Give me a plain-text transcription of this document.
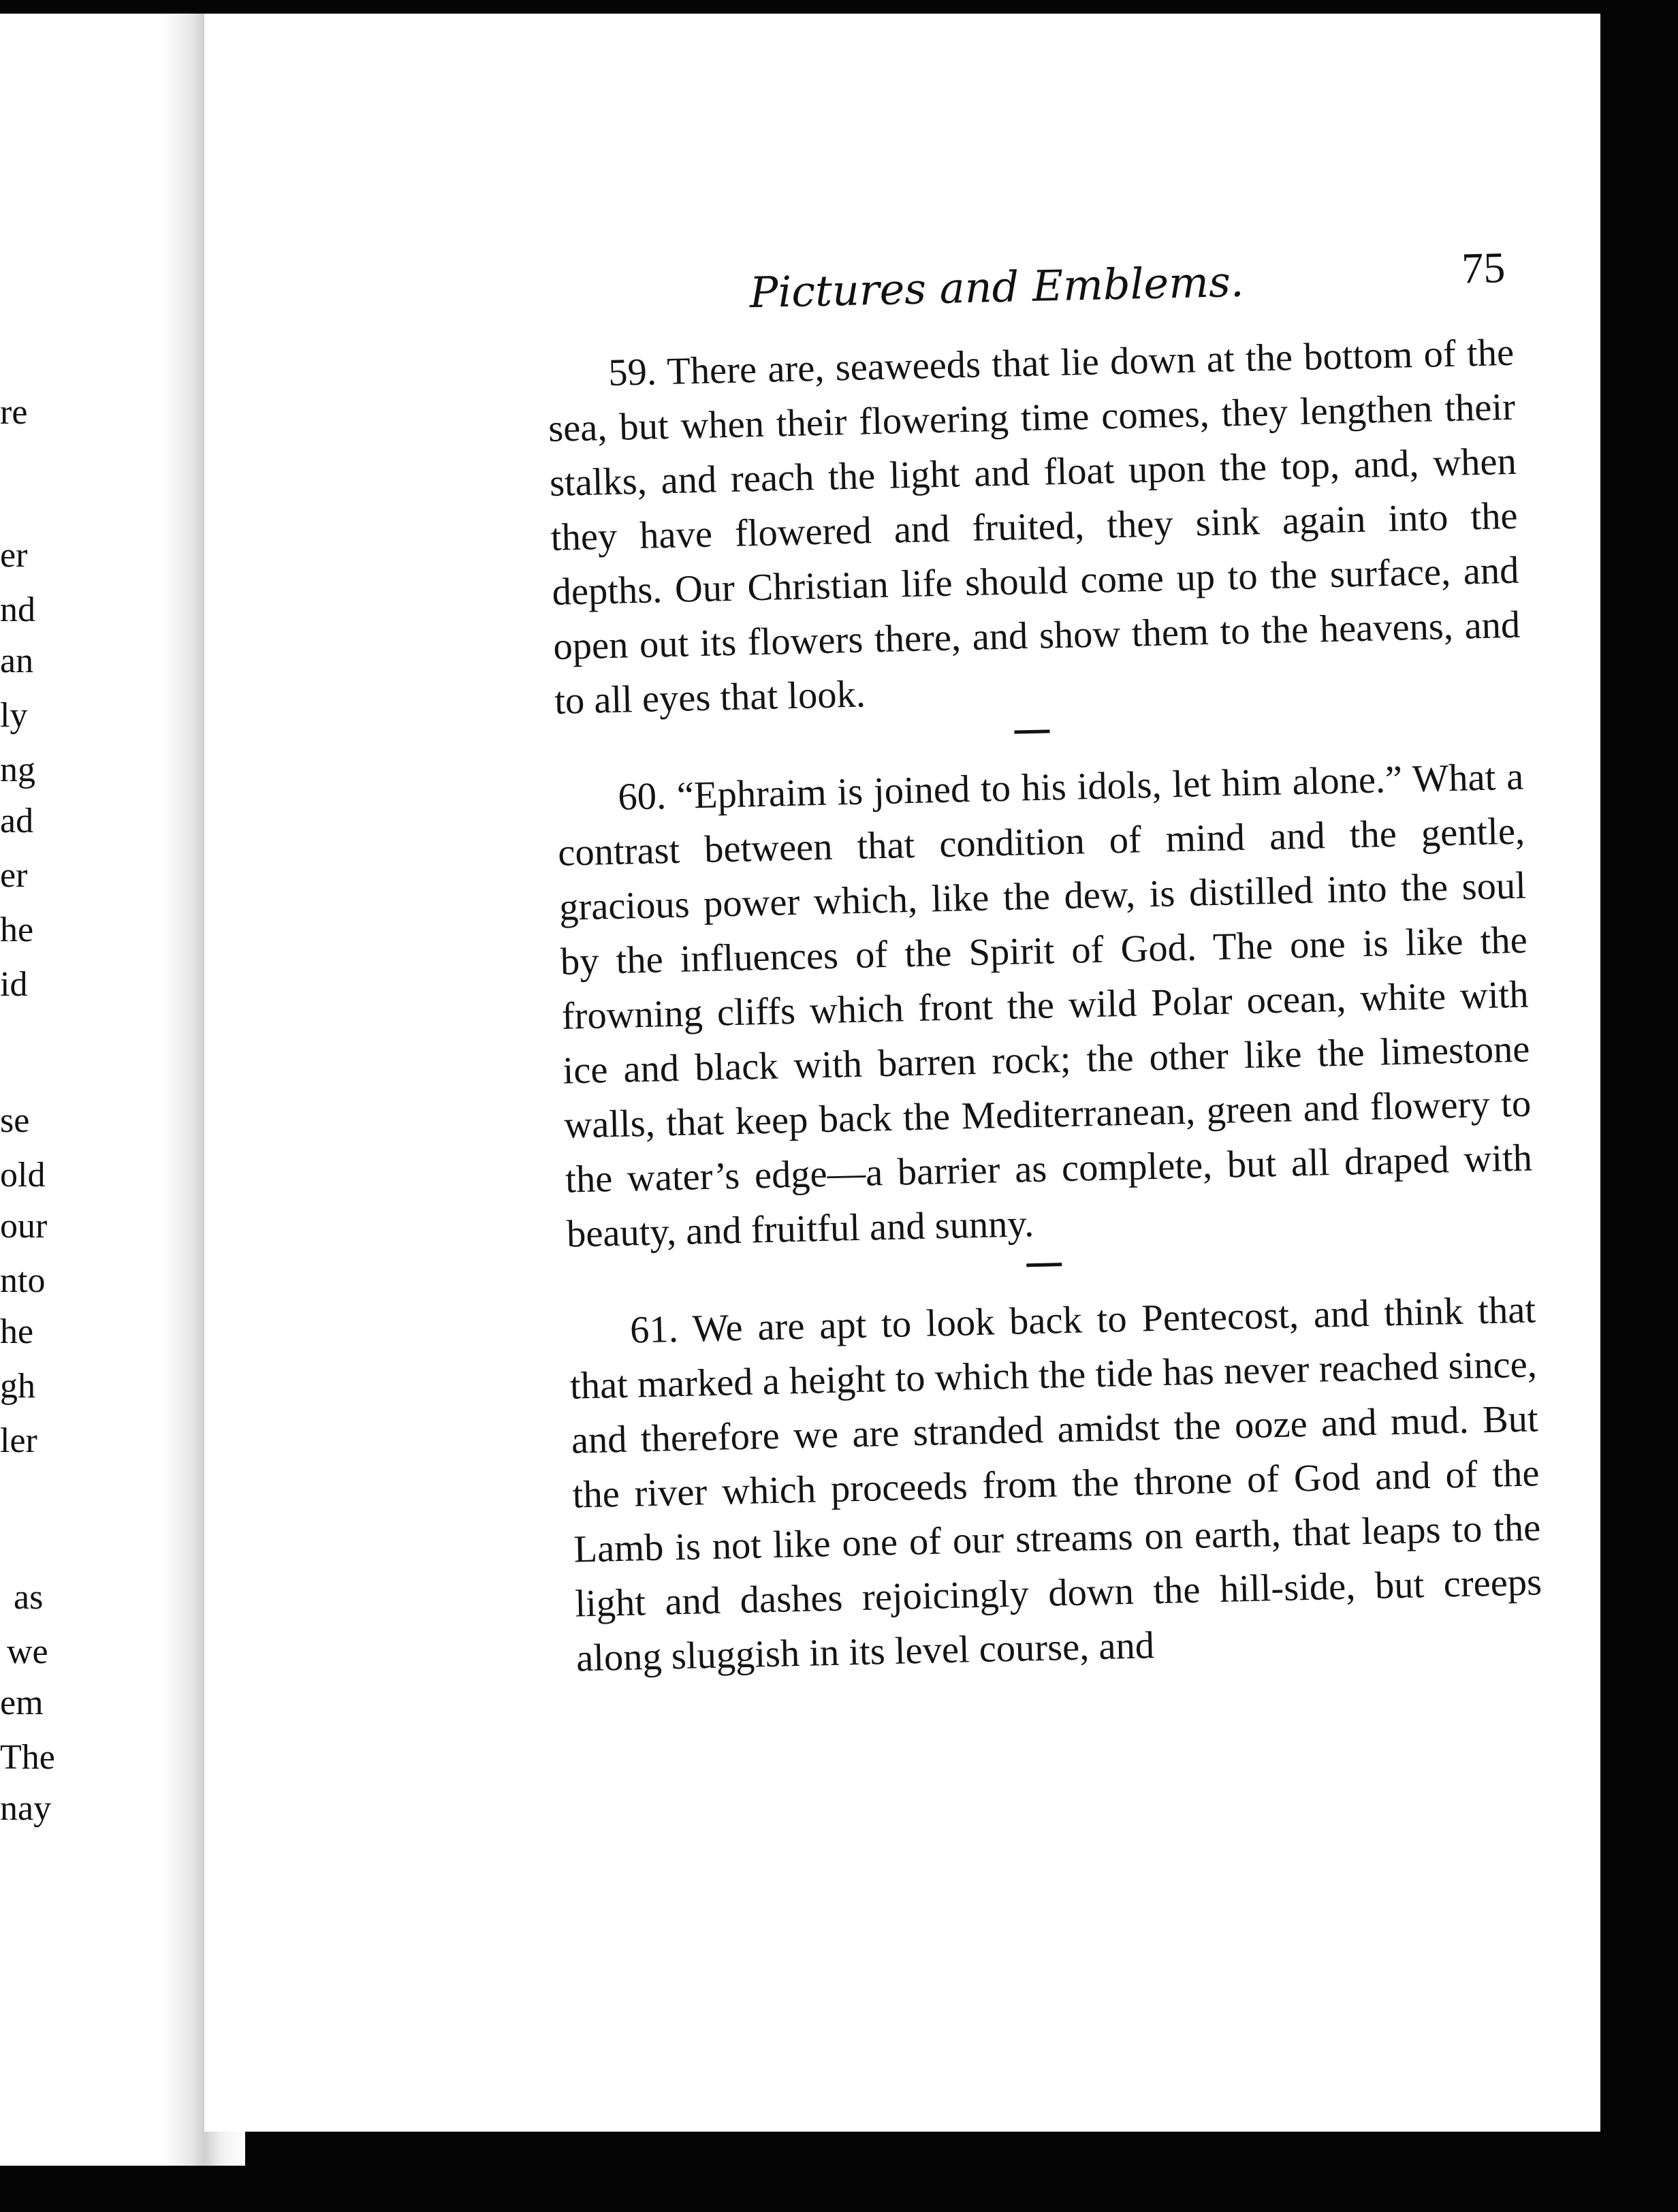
re
er
nd
an
ly
ng
ad
er
he
id
se
old
our
nto
he
gh
ler
as
we
em
The
nay
Pictures and Emblems.	75

59. There are, seaweeds that lie down at the bottom of the sea, but when their flowering time comes, they lengthen their stalks, and reach the light and float upon the top, and, when they have flowered and fruited, they sink again into the depths. Our Christian life should come up to the surface, and open out its flowers there, and show them to the heavens, and to all eyes that look.

60. “Ephraim is joined to his idols, let him alone.” What a contrast between that condition of mind and the gentle, gracious power which, like the dew, is distilled into the soul by the influences of the Spirit of God. The one is like the frowning cliffs which front the wild Polar ocean, white with ice and black with barren rock; the other like the limestone walls, that keep back the Mediterranean, green and flowery to the water’s edge—a barrier as complete, but all draped with beauty, and fruitful and sunny.

61. We are apt to look back to Pentecost, and think that that marked a height to which the tide has never reached since, and therefore we are stranded amidst the ooze and mud. But the river which proceeds from the throne of God and of the Lamb is not like one of our streams on earth, that leaps to the light and dashes rejoicingly down the hill-side, but creeps along sluggish in its level course, and
